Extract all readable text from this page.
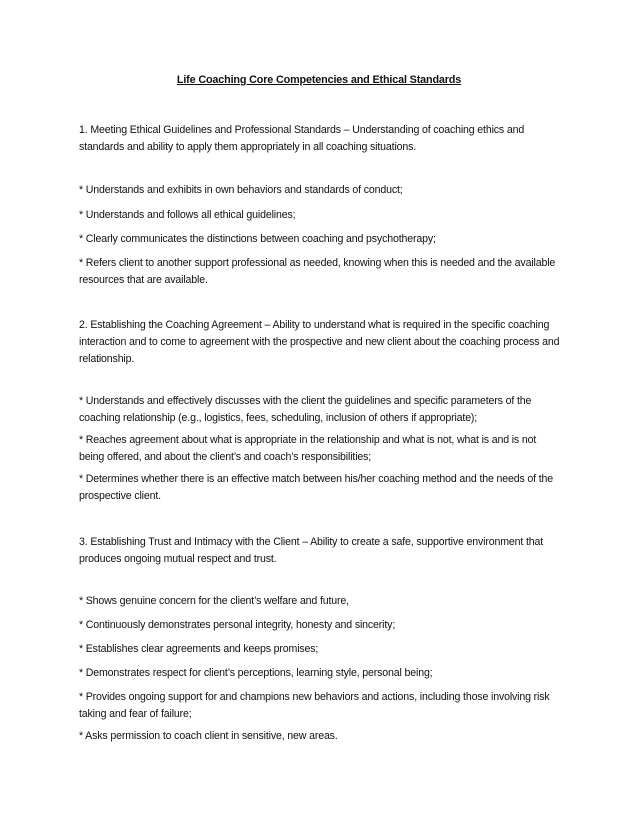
Life Coaching Core Competencies and Ethical Standards

1. Meeting Ethical Guidelines and Professional Standards – Understanding of coaching ethics and standards and ability to apply them appropriately in all coaching situations.

* Understands and exhibits in own behaviors and standards of conduct;

* Understands and follows all ethical guidelines;

* Clearly communicates the distinctions between coaching and psychotherapy;

* Refers client to another support professional as needed, knowing when this is needed and the available resources that are available.

2. Establishing the Coaching Agreement – Ability to understand what is required in the specific coaching interaction and to come to agreement with the prospective and new client about the coaching process and relationship.

* Understands and effectively discusses with the client the guidelines and specific parameters of the coaching relationship (e.g., logistics, fees, scheduling, inclusion of others if appropriate);

* Reaches agreement about what is appropriate in the relationship and what is not, what is and is not being offered, and about the client’s and coach’s responsibilities;

* Determines whether there is an effective match between his/her coaching method and the needs of the prospective client.

3. Establishing Trust and Intimacy with the Client – Ability to create a safe, supportive environment that produces ongoing mutual respect and trust.

* Shows genuine concern for the client’s welfare and future,

* Continuously demonstrates personal integrity, honesty and sincerity;

* Establishes clear agreements and keeps promises;

* Demonstrates respect for client’s perceptions, learning style, personal being;

* Provides ongoing support for and champions new behaviors and actions, including those involving risk taking and fear of failure;

* Asks permission to coach client in sensitive, new areas.
